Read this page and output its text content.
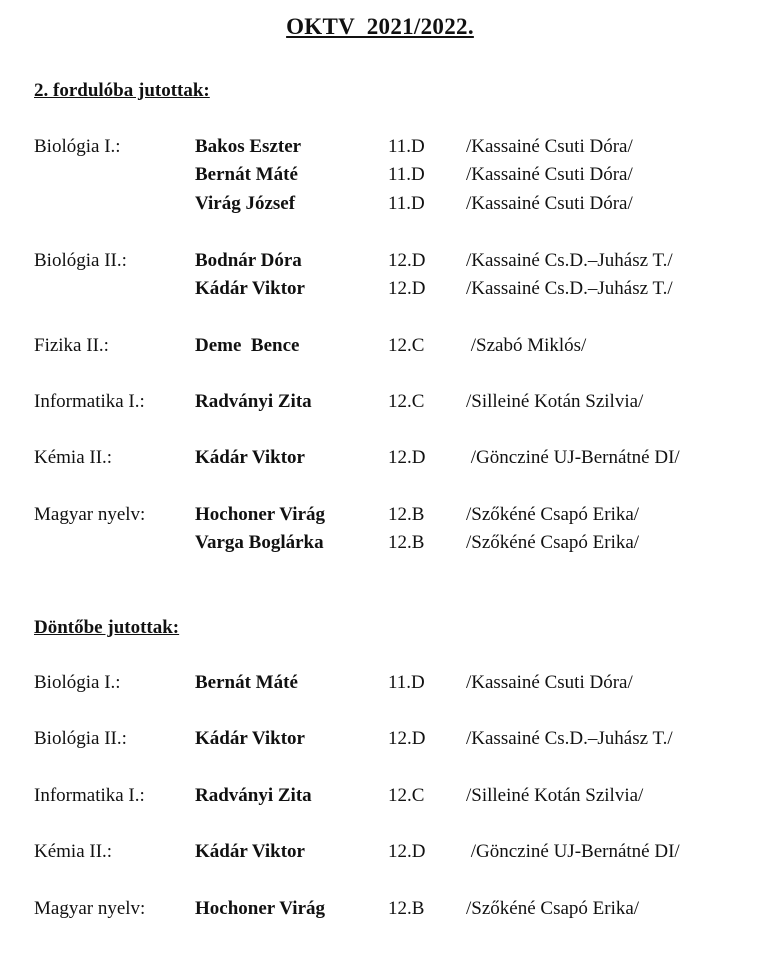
OKTV  2021/2022.
2. fordulóba jutottak:
Biológia I.:	Bakos Eszter	11.D /Kassainé Csuti Dóra/
Bernát Máté	11.D /Kassainé Csuti Dóra/
Virág József	11.D /Kassainé Csuti Dóra/
Biológia II.:	Bodnár Dóra	12.D /Kassainé Cs.D.–Juhász T./
Kádár Viktor	12.D /Kassainé Cs.D.–Juhász T./
Fizika II.:	Deme  Bence	12.C /Szabó Miklós/
Informatika I.:	Radványi Zita	12.C /Silleiné Kotán Szilvia/
Kémia II.:	Kádár Viktor	12.D /Göncziné UJ-Bernátné DI/
Magyar nyelv:	Hochoner Virág	12.B /Szőkéné Csapó Erika/
Varga Boglárka	12.B /Szőkéné Csapó Erika/
Döntőbe jutottak:
Biológia I.:	Bernát Máté	11.D /Kassainé Csuti Dóra/
Biológia II.:	Kádár Viktor	12.D /Kassainé Cs.D.–Juhász T./
Informatika I.:	Radványi Zita	12.C /Silleiné Kotán Szilvia/
Kémia II.:	Kádár Viktor	12.D /Göncziné UJ-Bernátné DI/
Magyar nyelv:	Hochoner Virág	12.B /Szőkéné Csapó Erika/
